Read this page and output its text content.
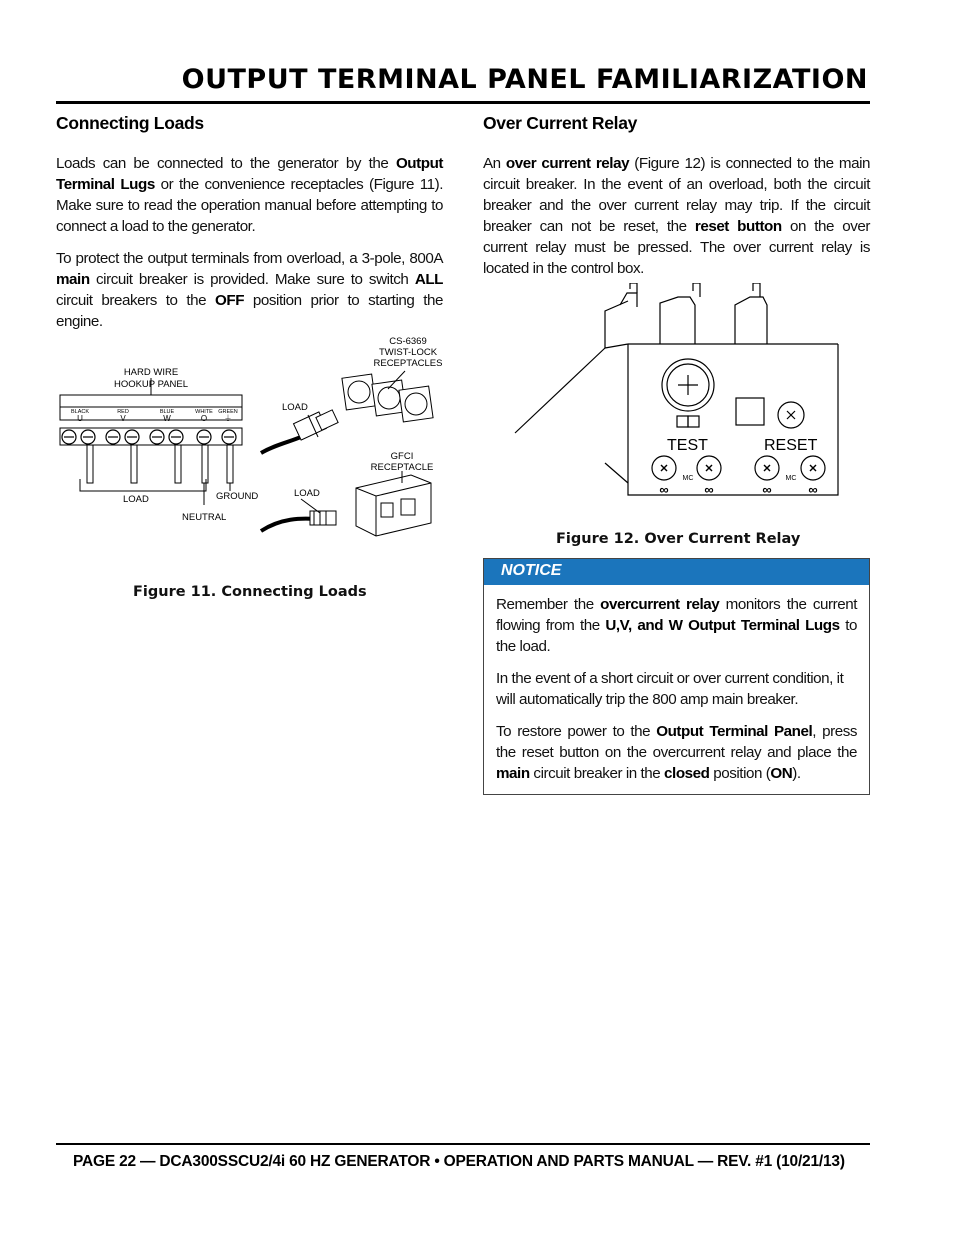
OUTPUT TERMINAL PANEL FAMILIARIZATION
Connecting Loads

Loads can be connected to the generator by the Output Terminal Lugs or the convenience receptacles (Figure 11). Make sure to read the operation manual before attempting to connect a load to the generator.

To protect the output terminals from overload, a 3-pole, 800A main circuit breaker is provided. Make sure to switch ALL circuit breakers to the OFF position prior to starting the engine.

HARD WIRE
HOOKUP PANEL
CS-6369
TWIST-LOCK
RECEPTACLES
LOAD
GFCI
RECEPTACLE
LOAD
LOAD	GROUND
NEUTRAL
BLACK	RED	BLUE	WHITE GREEN
U	V	W	O ⏚
Figure 11. Connecting Loads
Over Current Relay

An over current relay (Figure 12) is connected to the main circuit breaker. In the event of an overload, both the circuit breaker and the over current relay may trip. If the circuit breaker can not be reset, the reset button on the over current relay must be pressed. The over current relay is located in the control box.

TEST	RESET
MC	MC
∞	∞	∞	∞
Figure 12. Over Current Relay
NOTICE

Remember the overcurrent relay monitors the current flowing from the U,V, and W Output Terminal Lugs to the load.

In the event of a short circuit or over current condition, it will automatically trip the 800 amp main breaker.

To restore power to the Output Terminal Panel, press the reset button on the overcurrent relay and place the main circuit breaker in the closed position (ON).

PAGE 22 — DCA300SSCU2/4i 60 HZ GENERATOR • OPERATION AND PARTS MANUAL — REV. #1 (10/21/13)
